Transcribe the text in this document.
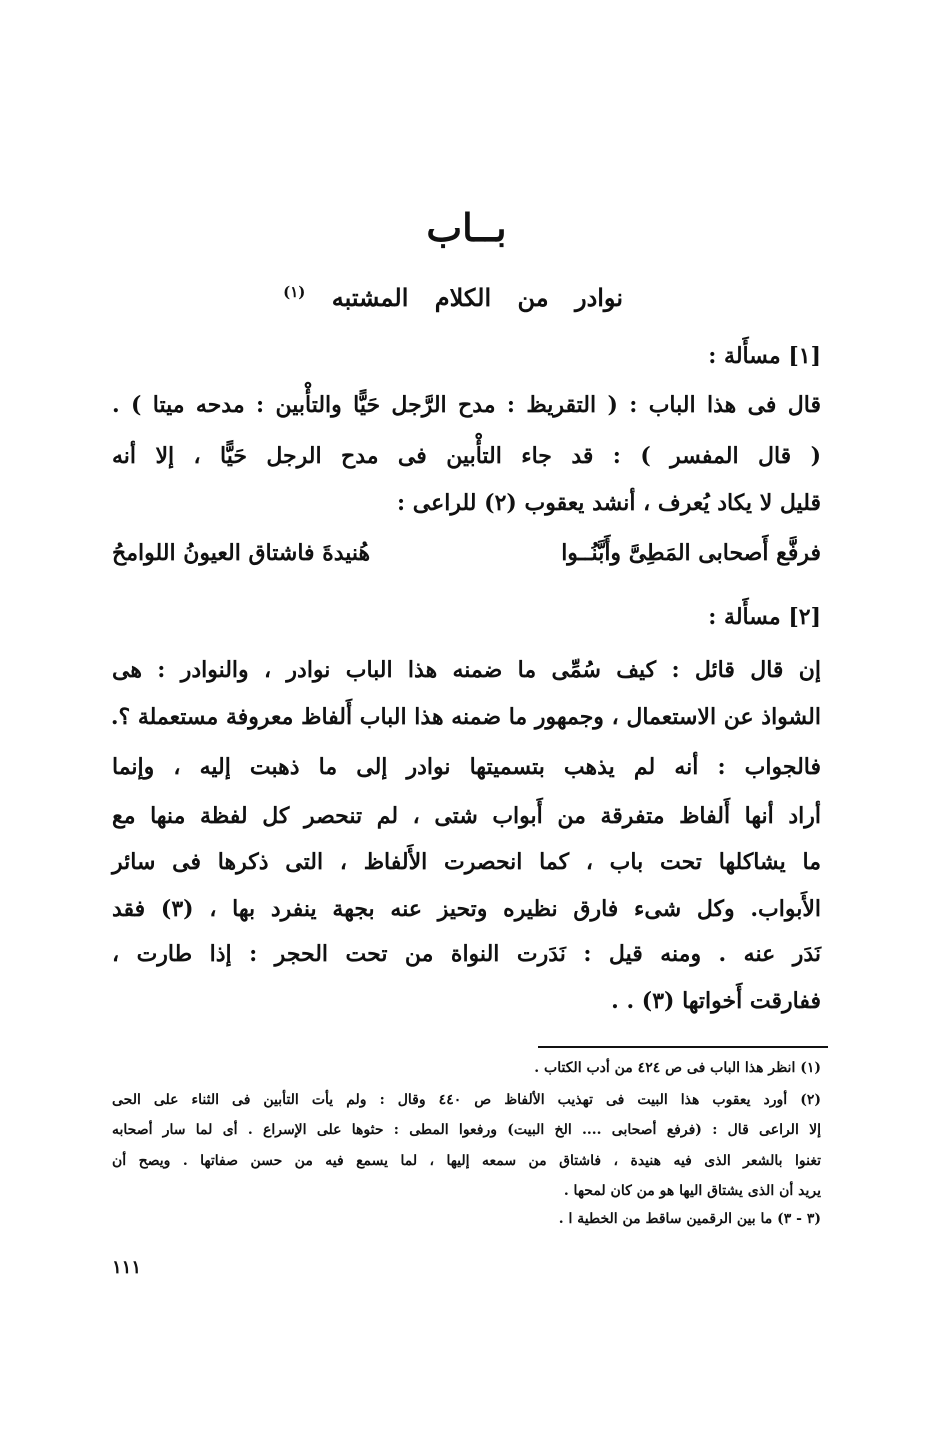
بــاب
نوادر من الكلام المشتبه $^{(١)}$
[١] مسأَلة :
قال فى هذا الباب : ( التقريظ : مدح الرَّجل حَيًّا والتأْبين : مدحه ميتا ) .
( قال المفسر ) : قد جاء التأْبين فى مدح الرجل حَيًّا ، إلا أنه
قليل لا يكاد يُعرف ، أنشد يعقوب (٢) للراعى :
فرفَّع أَصحابى المَطِىَّ وأَبَّنُــوا
هُنيدةَ فاشتاق العيونُ اللوامحُ
[٢] مسأَلة :
إن قال قائل : كيف سُمِّى ما ضمنه هذا الباب نوادر ، والنوادر : هى
الشواذ عن الاستعمال ، وجمهور ما ضمنه هذا الباب أَلفاظ معروفة مستعملة ؟.
فالجواب : أنه لم يذهب بتسميتها نوادر إلى ما ذهبت إليه ، وإنما
أراد أنها أَلفاظ متفرقة من أَبواب شتى ، لم تنحصر كل لفظة منها مع
ما يشاكلها تحت باب ، كما انحصرت الأَلفاظ ، التى ذكرها فى سائر
الأَبواب. وكل شىء فارق نظيره وتحيز عنه بجهة ينفرد بها ، (٣) فقد
نَدَر عنه . ومنه قيل : نَدَرت النواة من تحت الحجر : إذا طارت ،
ففارقت أَخواتها (٣) . .
(١) انظر هذا الباب فى ص ٤٢٤ من أدب الكتاب .
(٢) أورد يعقوب هذا البيت فى تهذيب الألفاظ ص ٤٤٠ وقال : ولم يأت التأبين فى الثناء على الحى
إلا الراعى قال : (فرفع أصحابى .... الخ البيت) ورفعوا المطى : حثوها على الإسراع . أى لما سار أصحابه
تغنوا بالشعر الذى فيه هنيدة ، فاشتاق من سمعه إليها ، لما يسمع فيه من حسن صفاتها . ويصح أن
يريد أن الذى يشتاق اليها هو من كان لمحها .
(٣ - ٣) ما بين الرقمين ساقط من الخطية ا .
١١١
